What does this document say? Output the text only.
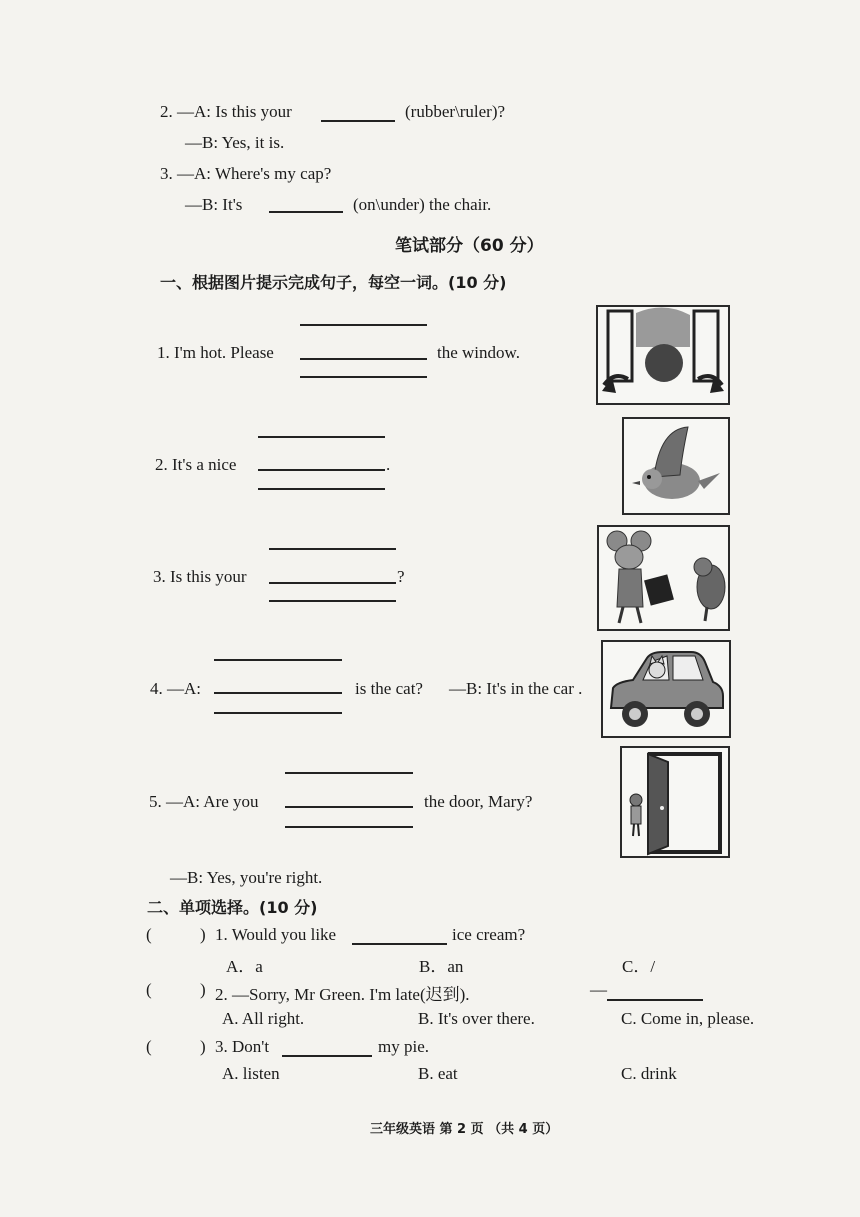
2. —A: Is this your	(rubber\ruler)?
—B: Yes, it is.
3. —A: Where's my cap?
—B: It's	(on\under) the chair.
笔试部分（60 分）
一、根据图片提示完成句子，每空一词。(10 分)
1. I'm hot. Please	the window.
2. It's a nice	.
3. Is this your	?
4. —A:	is the cat? —B: It's in the car .
5. —A: Are you	the door, Mary?
—B: Yes, you're right.
二、单项选择。(10 分)
(	) 1. Would you like	ice cream?
A．a	B．an	C．/
(	) 2. —Sorry, Mr Green. I'm late(迟到).	—
A. All right.	B. It's over there.	C. Come in, please.
(	) 3. Don't	my pie.
A. listen	B. eat	C. drink
三年级英语 第 2 页 （共 4 页）
